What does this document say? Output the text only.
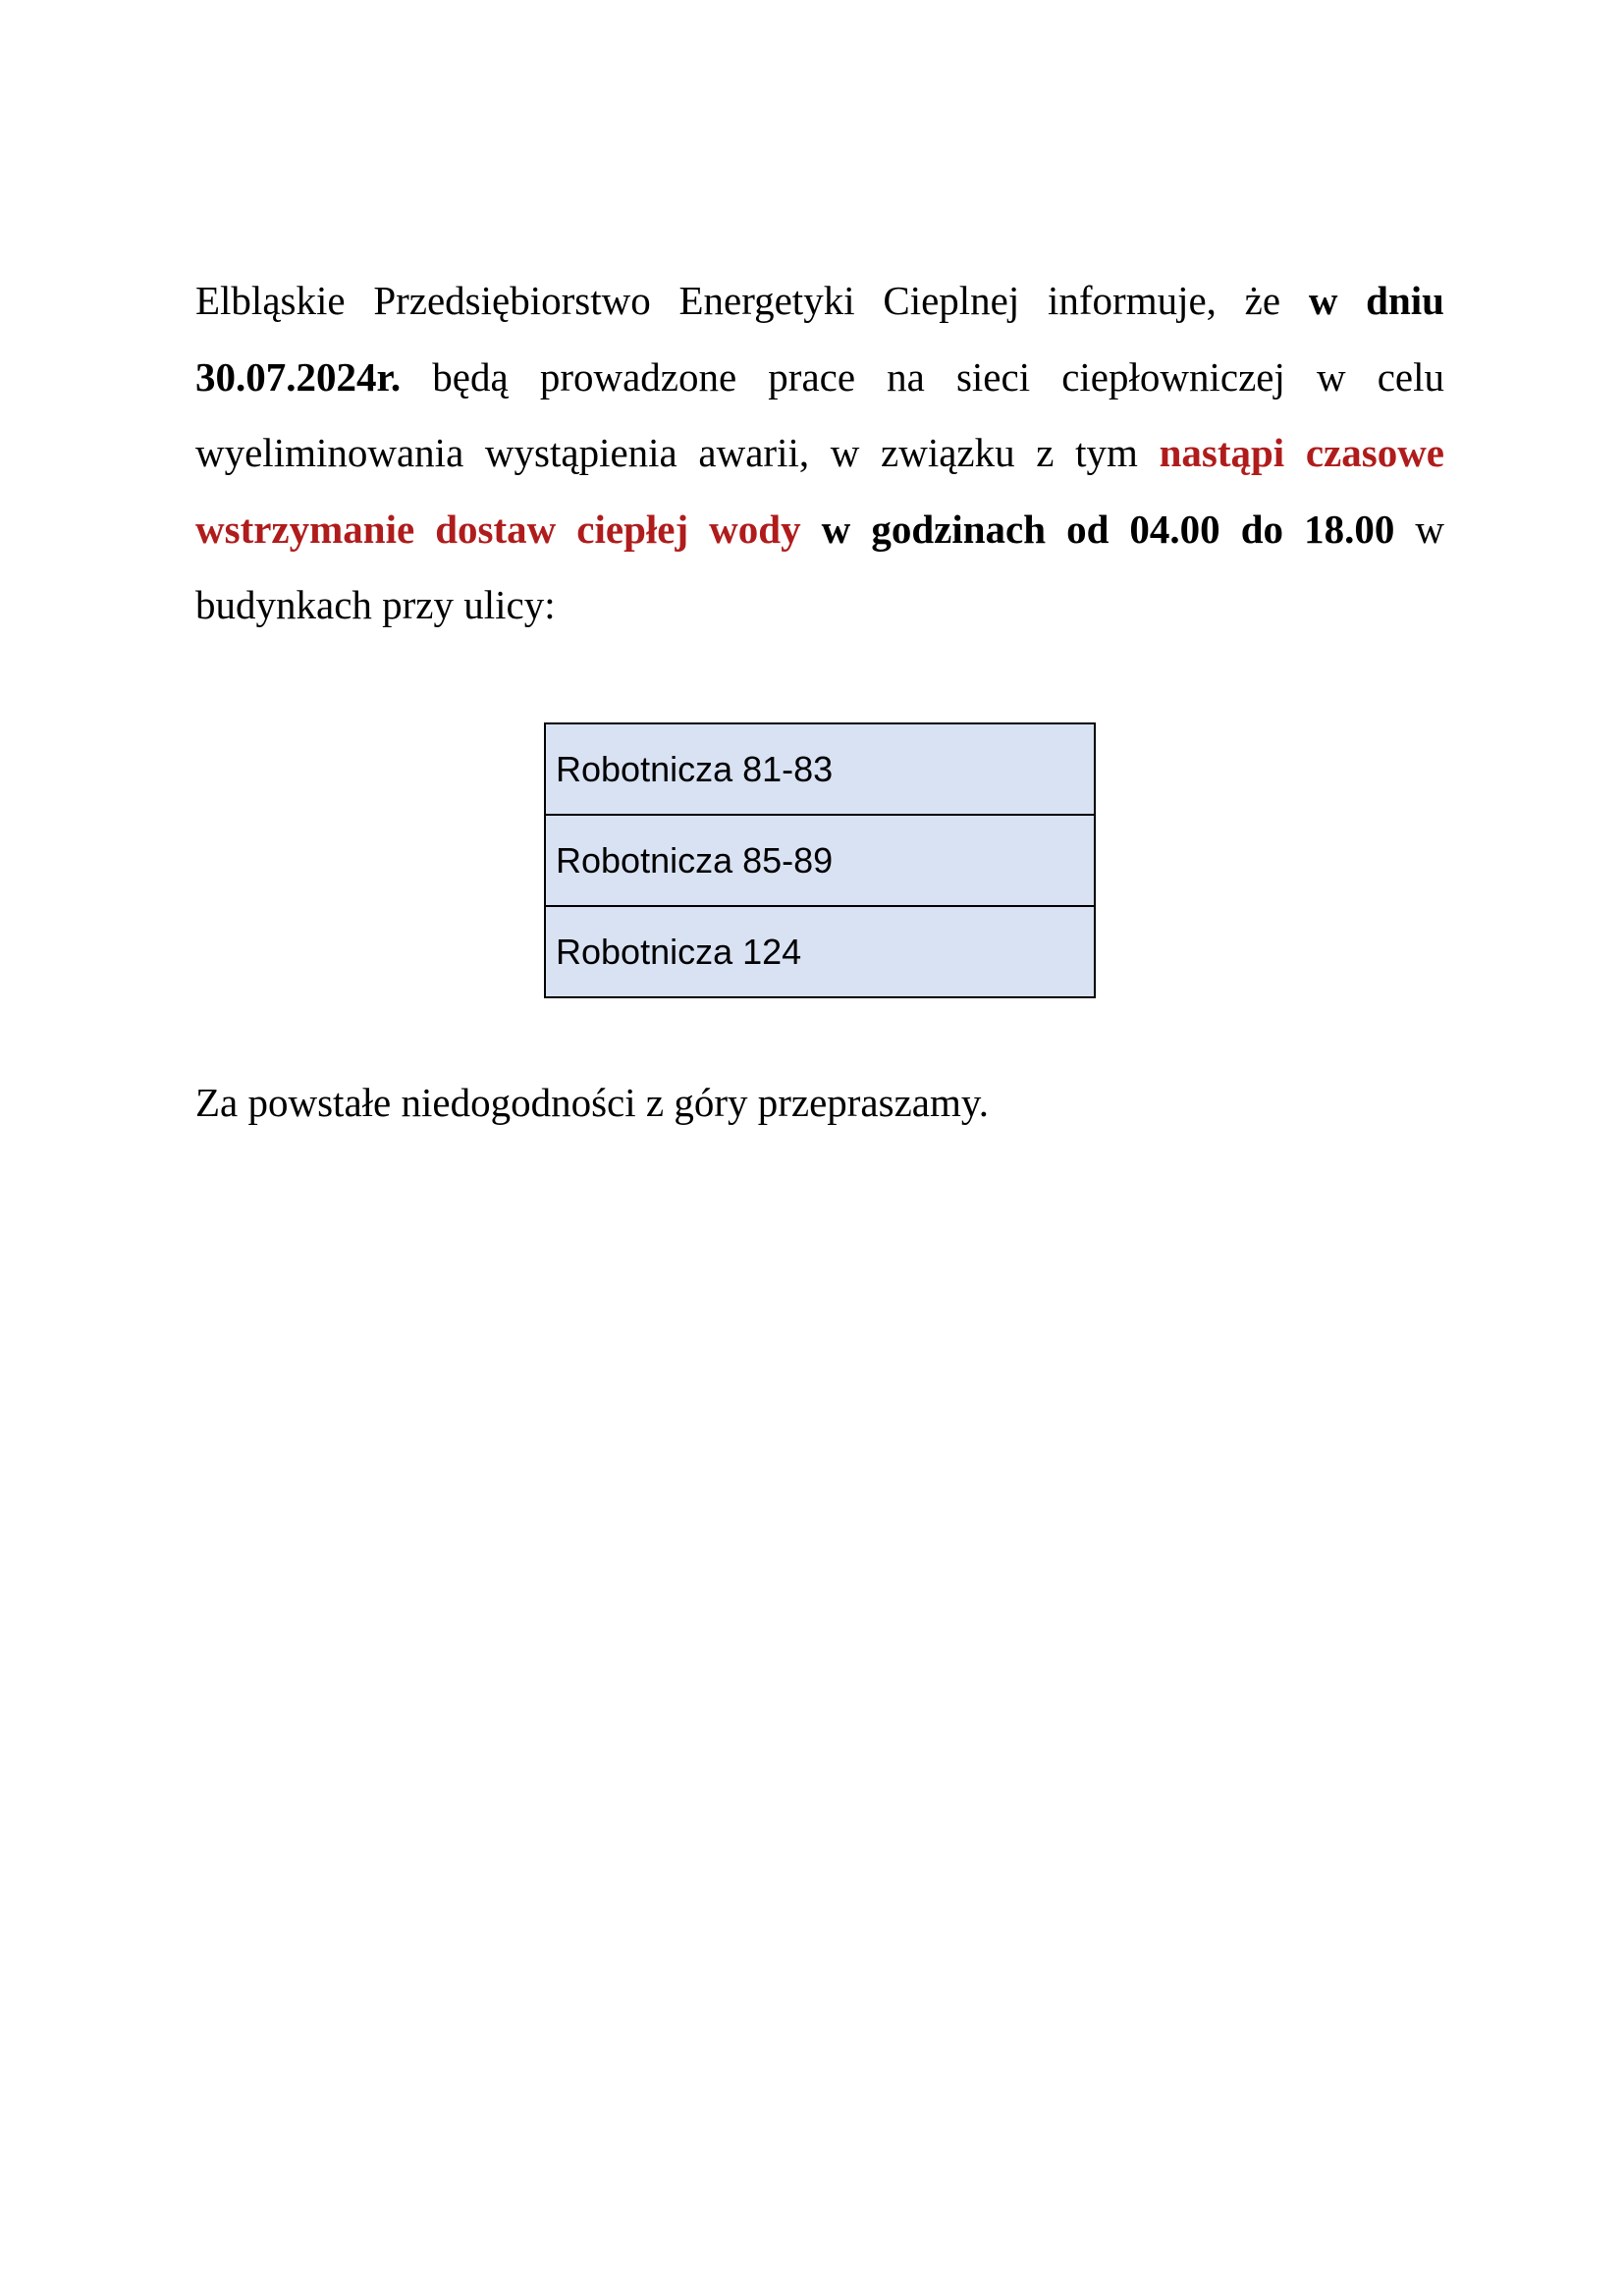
Elbląskie Przedsiębiorstwo Energetyki Cieplnej informuje, że w dniu 30.07.2024r. będą prowadzone prace na sieci ciepłowniczej w celu wyeliminowania wystąpienia awarii, w związku z tym nastąpi czasowe wstrzymanie dostaw ciepłej wody w godzinach od 04.00 do 18.00 w budynkach przy ulicy:

Robotnicza 81-83
Robotnicza 85-89
Robotnicza 124

Za powstałe niedogodności z góry przepraszamy.
